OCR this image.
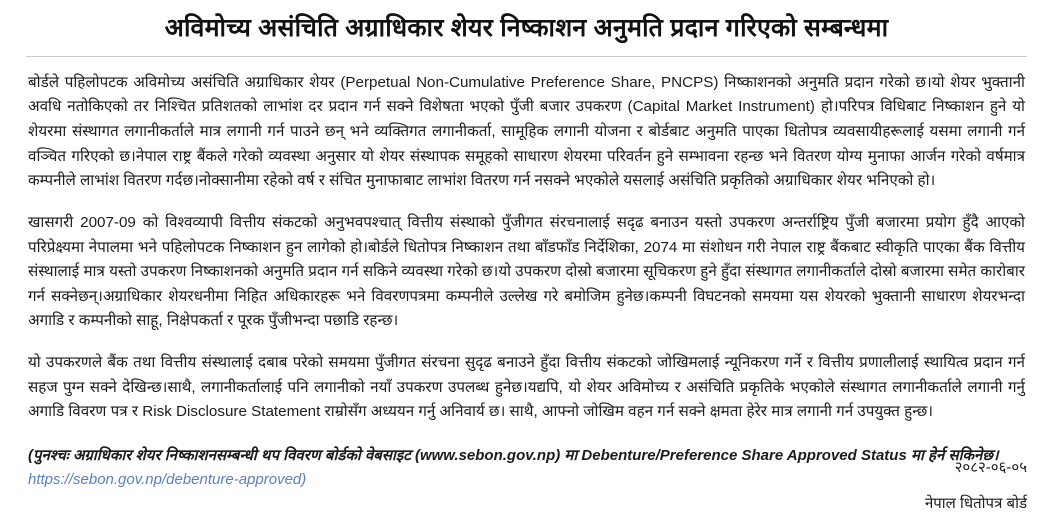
अविमोच्य असंचिति अग्राधिकार शेयर निष्काशन अनुमति प्रदान गरिएको सम्बन्धमा

बोर्डले पहिलोपटक अविमोच्य असंचिति अग्राधिकार शेयर (Perpetual Non-Cumulative Preference Share, PNCPS) निष्काशनको अनुमति प्रदान गरेको छ।यो शेयर भुक्तानी अवधि नतोकिएको तर निश्चित प्रतिशतको लाभांश दर प्रदान गर्न सक्ने विशेषता भएको पुँजी बजार उपकरण (Capital Market Instrument) हो।परिपत्र विधिबाट निष्काशन हुने यो शेयरमा संस्थागत लगानीकर्ताले मात्र लगानी गर्न पाउने छन् भने व्यक्तिगत लगानीकर्ता, सामूहिक लगानी योजना र बोर्डबाट अनुमति पाएका धितोपत्र व्यवसायीहरूलाई यसमा लगानी गर्न वञ्चित गरिएको छ।नेपाल राष्ट्र बैंकले गरेको व्यवस्था अनुसार यो शेयर संस्थापक समूहको साधारण शेयरमा परिवर्तन हुने सम्भावना रहन्छ भने वितरण योग्य मुनाफा आर्जन गरेको वर्षमात्र कम्पनीले लाभांश वितरण गर्दछ।नोक्सानीमा रहेको वर्ष र संचित मुनाफाबाट लाभांश वितरण गर्न नसक्ने भएकोले यसलाई असंचिति प्रकृतिको अग्राधिकार शेयर भनिएको हो।

खासगरी 2007-09 को विश्वव्यापी वित्तीय संकटको अनुभवपश्चात् वित्तीय संस्थाको पुँजीगत संरचनालाई सदृढ बनाउन यस्तो उपकरण अन्तर्राष्ट्रिय पुँजी बजारमा प्रयोग हुँदै आएको परिप्रेक्ष्यमा नेपालमा भने पहिलोपटक निष्काशन हुन लागेको हो।बोर्डले धितोपत्र निष्काशन तथा बाँडफाँड निर्देशिका, 2074 मा संशोधन गरी नेपाल राष्ट्र बैंकबाट स्वीकृति पाएका बैंक वित्तीय संस्थालाई मात्र यस्तो उपकरण निष्काशनको अनुमति प्रदान गर्न सकिने व्यवस्था गरेको छ।यो उपकरण दोस्रो बजारमा सूचिकरण हुने हुँदा संस्थागत लगानीकर्ताले दोस्रो बजारमा समेत कारोबार गर्न सक्नेछन्।अग्राधिकार शेयरधनीमा निहित अधिकारहरू भने विवरणपत्रमा कम्पनीले उल्लेख गरे बमोजिम हुनेछ।कम्पनी विघटनको समयमा यस शेयरको भुक्तानी साधारण शेयरभन्दा अगाडि र कम्पनीको साहू, निक्षेपकर्ता र पूरक पुँजीभन्दा पछाडि रहन्छ।

यो उपकरणले बैंक तथा वित्तीय संस्थालाई दबाब परेको समयमा पुँजीगत संरचना सुदृढ बनाउने हुँदा वित्तीय संकटको जोखिमलाई न्यूनिकरण गर्ने र वित्तीय प्रणालीलाई स्थायित्व प्रदान गर्न सहज पुग्न सक्ने देखिन्छ।साथै, लगानीकर्तालाई पनि लगानीको नयाँ उपकरण उपलब्ध हुनेछ।यद्यपि, यो शेयर अविमोच्य र असंचिति प्रकृतिके भएकोले संस्थागत लगानीकर्ताले लगानी गर्नु अगाडि विवरण पत्र र Risk Disclosure Statement राम्रोसँग अध्ययन गर्नु अनिवार्य छ। साथै, आफ्नो जोखिम वहन गर्न सक्ने क्षमता हेरेर मात्र लगानी गर्न उपयुक्त हुन्छ।

(पुनश्चः अग्राधिकार शेयर निष्काशनसम्बन्धी थप विवरण बोर्डको वेबसाइट (www.sebon.gov.np) मा Debenture/Preference Share Approved Status मा हेर्न सकिनेछ।
https://sebon.gov.np/debenture-approved)

२०८२-०६-०५
नेपाल धितोपत्र बोर्ड
